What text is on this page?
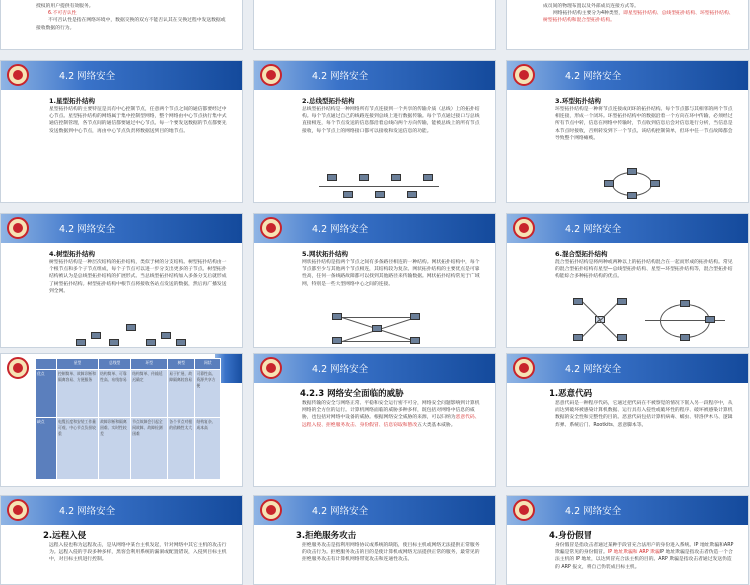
授权的用户提供有效服务。
6.不可否认性
不可否认性是指在网络环境中，数据交换的双方不能否认其在交换过程中发送数据或接收数据的行为。
成员间的物理布置以及外部成员连接方式等。
网络拓扑结构主要分为4种类型，即星型拓扑结构、总线型拓扑结构、环型拓扑结构、树型拓扑结构和混合型拓扑结构。
4.2 网络安全
1.星型拓扑结构
星型拓扑结构的主要特征是具有中心控制节点，任意两个节点之间的通信都要经过中心节点。星型拓扑结构的网络属于集中控制型网络，整个网络由中心节点执行集中式通信控制管理，各节点间的通信都要通过中心节点。每一个要发送数据的节点都要先发送数据到中心节点，再由中心节点负责将数据送到目的地节点。
4.2 网络安全
2.总线型拓扑结构
总线型拓扑结构是一种网络所有节点连接到一个共享的传输介质（总线）上的拓扑结构。每个节点通过自己的线路连接到总线上进行数据传输。每个节点通过接口与总线直接相连，每个节点发送的信息都沿着总线向两个方向传输，能被总线上的所有节点接收，每个节点上的网络接口都可以接收和发送信息的功能。
4.2 网络安全
3.环型拓扑结构
环型拓扑结构是一种将节点连接成闭环的拓扑结构。每个节点都与其相邻的两个节点相连接，形成一个闭环。环型拓扑结构中的数据沿着一个方向在环中传输，必须经过所有节点中转，信息在网络中传输时，节点收到信息后会对信息进行分析，当信息是本节点时接收，否则转发到下一个节点。该结构控制简单，但环中任一节点故障都会导致整个网络瘫痪。
4.2 网络安全
4.树型拓扑结构
树型拓扑结构是一种层次结构的拓扑结构，类似于树的分支结构。树型拓扑结构由一个根节点和多个子节点组成，每个子节点可以进一步分支出更多的子节点。树型拓扑结构被认为是总线型拓扑结构的扩展形式。当总线型拓扑结构加入多条分支后就形成了树型拓扑结构。树型拓扑结构中根节点将接收各站点发送的数据，然后再广播发送到全网。
4.2 网络安全
5.网状拓扑结构
网状拓扑结构是指两个节点之间有多条路径相连的一种结构。网状拓扑结构中，每个节点都至少与其他两个节点相连，其结构较为复杂。网状拓扑结构的主要优点是可靠性高，任何一条线路故障都可以找到其他路径来传输数据。网状拓扑结构常见于广域网，特别是一些大型网络中心之间的连接。
4.2 网络安全
6.混合型拓扑结构
混合型拓扑结构是将两种或两种以上的拓扑结构混合在一起而形成的拓扑结构。常见的混合型拓扑结构有星型—总线型拓扑结构、星型—环型拓扑结构等，混合型拓扑结构能综合多种拓扑结构的优点。
	星型	总线型	环型	树型	网状
优点	控制简单、故障诊断和隔离容易、方便服务	结构简单、可靠性高、布线容易	结构简单、传输延迟确定	易于扩展、故障隔离较容易	可靠性高、资源共享方便
缺点	电缆长度和安装工作量可观、中心节点负担较重	故障诊断和隔离困难、实时性较差	节点故障会引起全网故障、故障检测困难	各个节点对根的依赖性太大	结构复杂、成本高
4.2 网络安全
4.2.3 网络安全面临的威胁
数据传输的安全与网络正常、平稳和安全运行密不可分，网络安全问题影响到计算机网络的全方位的运行。计算机网络面临的威胁多种多样，既包括对网络中信息的威胁，也包括对网络中设备的威胁。根据网络安全威胁的来源，可以归纳为恶意代码、远程入侵、拒绝服务攻击、身份假冒、信息窃取和篡改五大类基本威胁。
4.2 网络安全
1.恶意代码
恶意代码是一种程序代码，它通过把代码在不被察觉的情况下嵌入另一段程序中，从而达到破坏被感染计算机数据、运行具有入侵性或破坏性的程序、破坏被感染计算机数据的安全性和完整性的目的。恶意代码包括计算机病毒、蠕虫、特洛伊木马、逻辑炸弹、系统后门、Rootkits、恶意脚本等。
4.2 网络安全
2.远程入侵
远程入侵也称为远程攻击，是从网络中某台主机发起，针对网络中其它主机的攻击行为。远程入侵的手段多种多样，黑客会利用系统的漏洞或配置错误，入侵到目标主机中，对目标主机进行控制。
4.2 网络安全
3.拒绝服务攻击
拒绝服务攻击是指利用网络协议或系统的缺陷，使目标主机或网络无法提供正常服务的攻击行为。拒绝服务攻击的目的是使计算机或网络无法提供正常的服务，最常见的拒绝服务攻击有计算机网络带宽攻击和连通性攻击。
4.2 网络安全
4.身份假冒
身份假冒是指攻击者通过某种手段冒充合法用户的身份进入系统。IP 地址欺骗和ARP欺骗是常见的身份假冒。IP 地址欺骗和 ARP 欺骗IP 地址欺骗是指攻击者伪造一个合法主机的 IP 地址，以达到冒充合法主机的目的。ARP 欺骗是指攻击者通过发送伪造的 ARP 报文，将自己伪装成目标主机。
